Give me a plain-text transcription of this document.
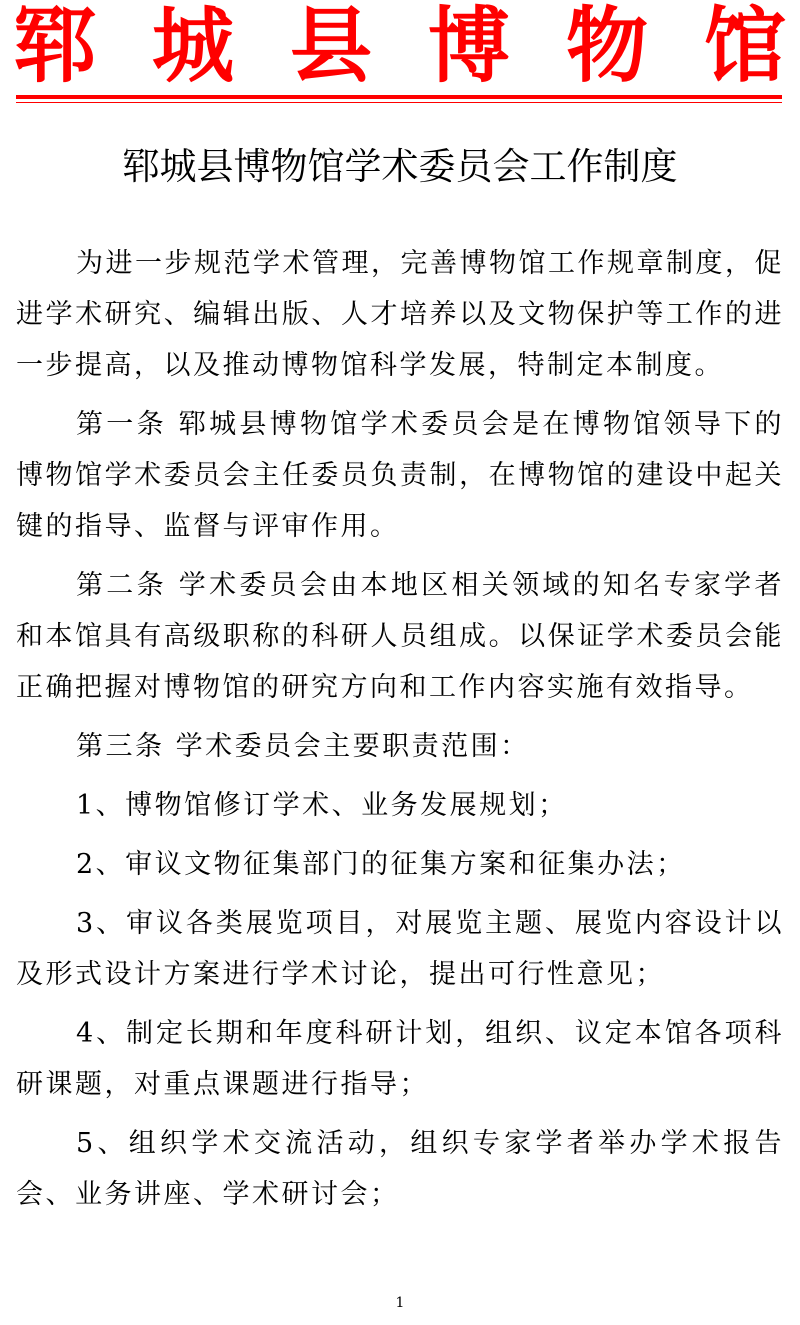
郓 城 县 博 物 馆
郓城县博物馆学术委员会工作制度

为进一步规范学术管理，完善博物馆工作规章制度，促进学术研究、编辑出版、人才培养以及文物保护等工作的进一步提高，以及推动博物馆科学发展，特制定本制度。

第一条 郓城县博物馆学术委员会是在博物馆领导下的博物馆学术委员会主任委员负责制，在博物馆的建设中起关键的指导、监督与评审作用。

第二条 学术委员会由本地区相关领域的知名专家学者和本馆具有高级职称的科研人员组成。以保证学术委员会能正确把握对博物馆的研究方向和工作内容实施有效指导。

第三条 学术委员会主要职责范围：

1、博物馆修订学术、业务发展规划；

2、审议文物征集部门的征集方案和征集办法；

3、审议各类展览项目，对展览主题、展览内容设计以及形式设计方案进行学术讨论，提出可行性意见；

4、制定长期和年度科研计划，组织、议定本馆各项科研课题，对重点课题进行指导；

5、组织学术交流活动，组织专家学者举办学术报告会、业务讲座、学术研讨会；

1
